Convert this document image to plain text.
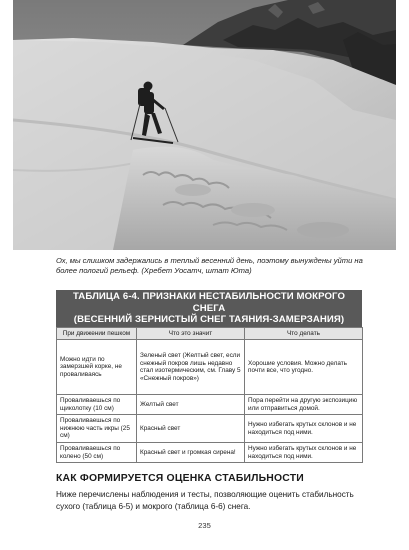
Ох, мы слишком задержались в теплый весенний день, поэтому вынуждены уйти на более пологий рельеф. (Хребет Уосатч, штат Юта)
ТАБЛИЦА 6-4. ПРИЗНАКИ НЕСТАБИЛЬНОСТИ МОКРОГО СНЕГА
(ВЕСЕННИЙ ЗЕРНИСТЫЙ СНЕГ ТАЯНИЯ-ЗАМЕРЗАНИЯ)
При движении пешком	Что это значит	Что делать
Можно идти по замерзшей корке, не проваливаясь	Зеленый свет (Желтый свет, если снежный покров лишь недавно стал изотермическим, см. Главу 5 «Снежный покров»)	Хорошие условия. Можно делать почти все, что угодно.
Проваливаешься по щиколотку (10 см)	Желтый свет	Пора перейти на другую экспозицию или отправиться домой.
Проваливаешься по нижнюю часть икры (25 см)	Красный свет	Нужно избегать крутых склонов и не находиться под ними.
Проваливаешься по колено (50 см)	Красный свет и громкая сирена!	Нужно избегать крутых склонов и не находиться под ними.
КАК ФОРМИРУЕТСЯ ОЦЕНКА СТАБИЛЬНОСТИ
Ниже перечислены наблюдения и тесты, позволяющие оценить стабильность сухого (таблица 6-5) и мокрого (таблица 6-6) снега.
235
